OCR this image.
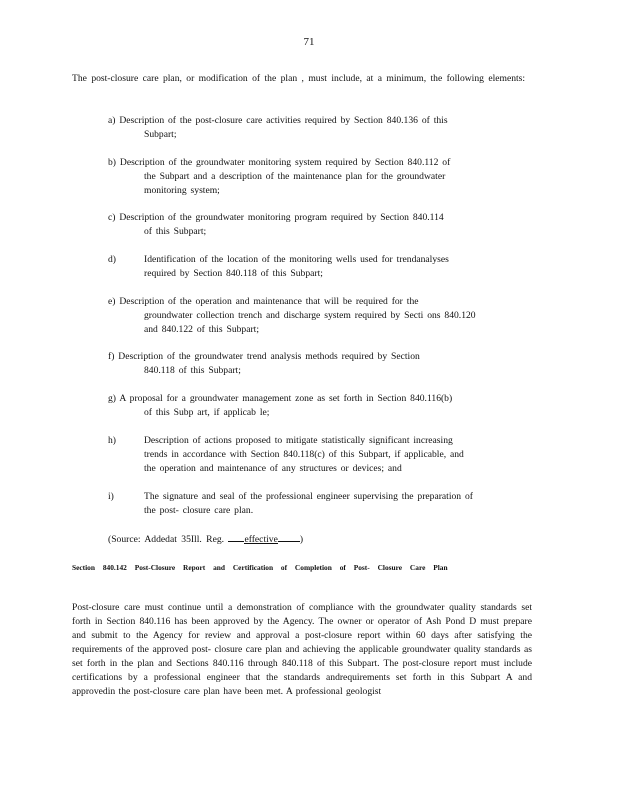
71
The post-closure care plan, or modification of the plan , must include, at a minimum, the following elements:
a) Description of the post-closure care activities required by Section 840.136 of this
Subpart;
b) Description of the groundwater monitoring system required by Section 840.112 of
the Subpart and a description of the maintenance plan for the groundwater
monitoring system;
c) Description of the groundwater monitoring program required by Section 840.114
of this Subpart;
d)	Identification of the location of the monitoring wells used for trendanalyses
required by Section 840.118 of this Subpart;
e) Description of the operation and maintenance that will be required for the
groundwater collection trench and discharge system required by Secti ons 840.120
and 840.122 of this Subpart;
f) Description of the groundwater trend analysis methods required by Section
840.118 of this Subpart;
g) A proposal for a groundwater management zone as set forth in Section 840.116(b)
of this Subp art, if applicab le;
h)	Description of actions proposed to mitigate statistically significant increasing
trends in accordance with Section 840.118(c) of this Subpart, if applicable, and
the operation and maintenance of any structures or devices; and
i)	The signature and seal of the professional engineer supervising the preparation of
the post- closure care plan.
(Source: Addedat 35Ill. Reg. effective )
Section 840.142 Post-Closure Report and Certification of Completion of Post- Closure Care Plan
Post-closure care must continue until a demonstration of compliance with the groundwater quality standards set forth in Section 840.116 has been approved by the Agency. The owner or operator of Ash Pond D must prepare and submit to the Agency for review and approval a post-closure report within 60 days after satisfying the requirements of the approved post- closure care plan and achieving the applicable groundwater quality standards as set forth in the plan and Sections 840.116 through 840.118 of this Subpart. The post-closure report must include certifications by a professional engineer that the standards andrequirements set forth in this Subpart A and approvedin the post-closure care plan have been met. A professional geologist
